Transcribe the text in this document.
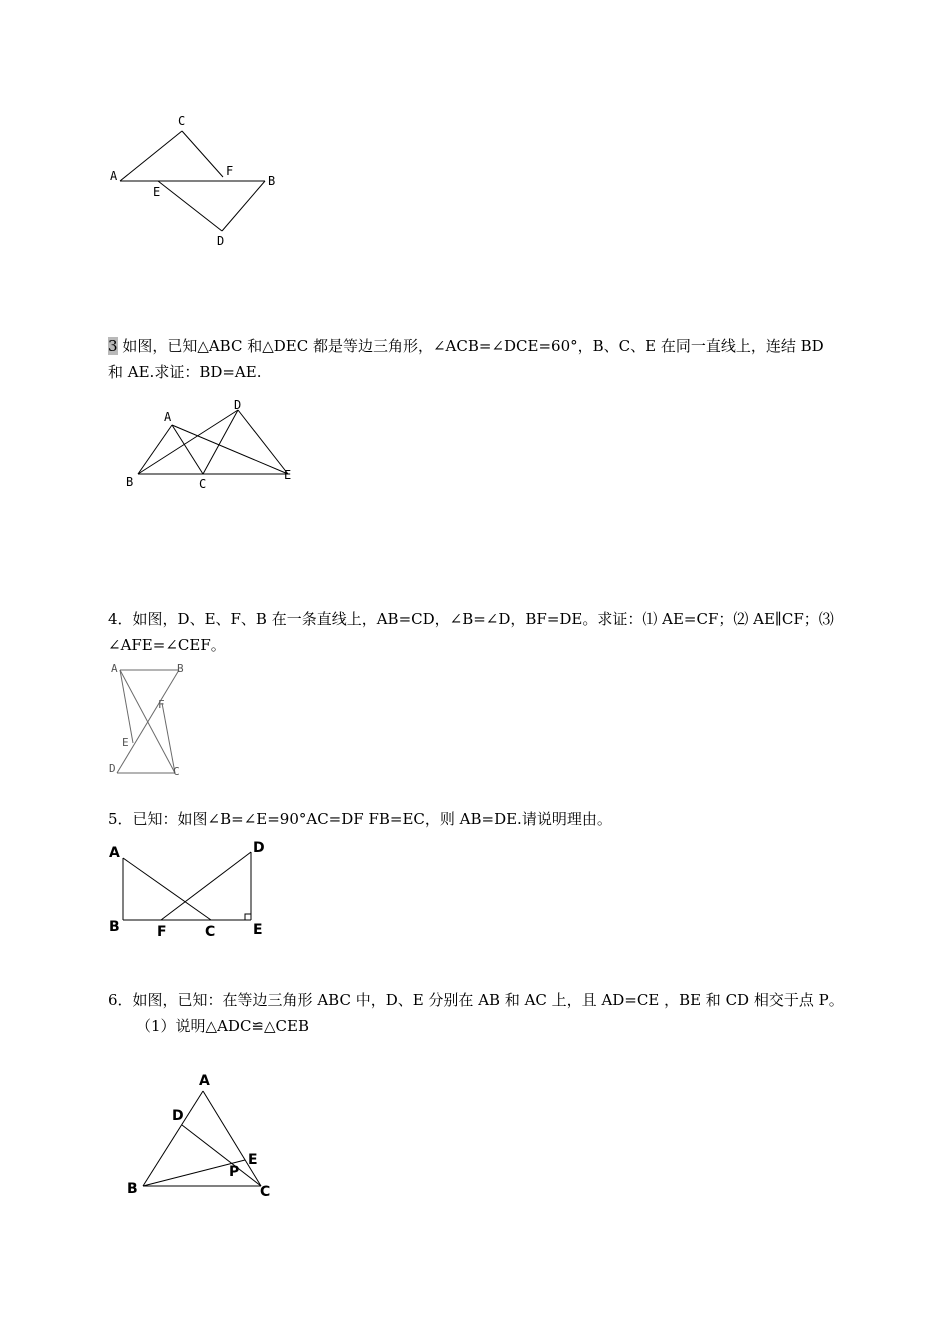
A
C
F
B
E
D
3 如图，已知△ABC 和△DEC 都是等边三角形，∠ACB=∠DCE=60°，B、C、E 在同一直线上，连结 BD
和 AE.求证：BD=AE.
A
D
B	C
E
4．如图，D、E、F、B 在一条直线上，AB=CD，∠B=∠D，BF=DE。求证：⑴ AE=CF；⑵ AE∥CF；⑶
∠AFE=∠CEF。
A	B
F
E
D	C
5．已知：如图∠B=∠E=90°AC=DF FB=EC，则 AB=DE.请说明理由。
A	D
B	F	C	E
6．如图，已知：在等边三角形 ABC 中，D、E 分别在 AB 和 AC 上，且 AD=CE ，BE 和 CD 相交于点 P。
（1）说明△ADC≌△CEB
A
D
E
P
B	C
